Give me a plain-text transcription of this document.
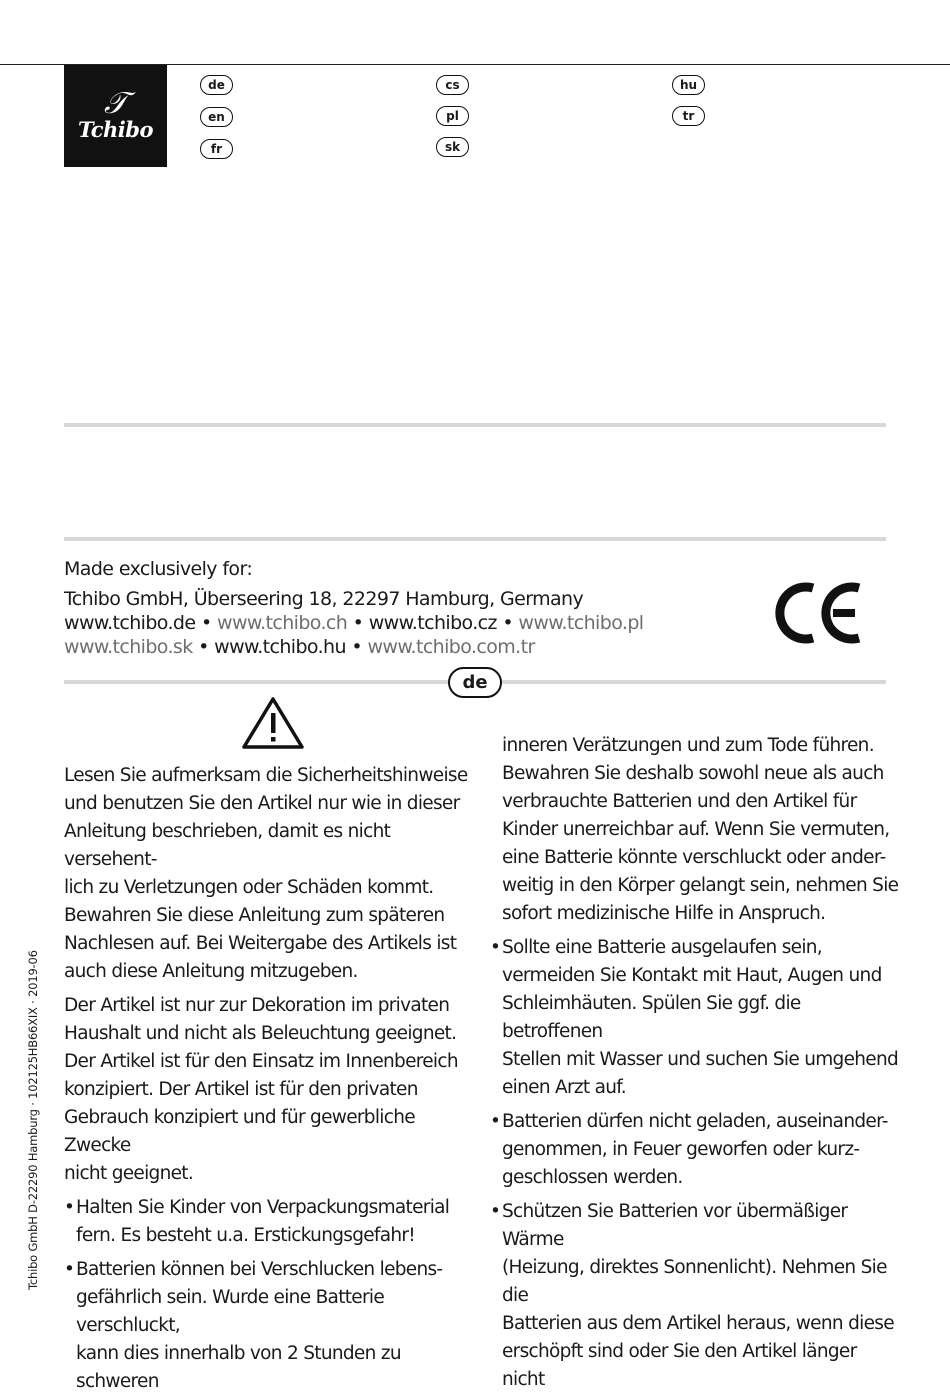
𝒯
Tchibo
de
en
fr
cs
pl
sk
hu
tr
Made exclusively for:
Tchibo GmbH, Überseering 18, 22297 Hamburg, Germany
www.tchibo.de • www.tchibo.ch • www.tchibo.cz • www.tchibo.pl
www.tchibo.sk • www.tchibo.hu • www.tchibo.com.tr
de

Lesen Sie aufmerksam die Sicherheitshinweise
und benutzen Sie den Artikel nur wie in dieser
Anleitung beschrieben, damit es nicht versehent-
lich zu Verletzungen oder Schäden kommt.
Bewahren Sie diese Anleitung zum späteren
Nachlesen auf. Bei Weitergabe des Artikels ist
auch diese Anleitung mitzugeben.

Der Artikel ist nur zur Dekoration im privaten
Haushalt und nicht als Beleuchtung geeignet.
Der Artikel ist für den Einsatz im Innenbereich
konzipiert. Der Artikel ist für den privaten
Gebrauch konzipiert und für gewerbliche Zwecke
nicht geeignet.

• Halten Sie Kinder von Verpackungsmaterial
fern. Es besteht u.a. Erstickungsgefahr!
• Batterien können bei Verschlucken lebens-
gefährlich sein. Wurde eine Batterie verschluckt,
kann dies innerhalb von 2 Stunden zu schweren
inneren Verätzungen und zum Tode führen.
Bewahren Sie deshalb sowohl neue als auch
verbrauchte Batterien und den Artikel für
Kinder unerreichbar auf. Wenn Sie vermuten,
eine Batterie könnte verschluckt oder ander-
weitig in den Körper gelangt sein, nehmen Sie
sofort medizinische Hilfe in Anspruch.
• Sollte eine Batterie ausgelaufen sein,
vermeiden Sie Kontakt mit Haut, Augen und
Schleimhäuten. Spülen Sie ggf. die betroffenen
Stellen mit Wasser und suchen Sie umgehend
einen Arzt auf.
• Batterien dürfen nicht geladen, auseinander-
genommen, in Feuer geworfen oder kurz-
geschlossen werden.
• Schützen Sie Batterien vor übermäßiger Wärme
(Heizung, direktes Sonnenlicht). Nehmen Sie die
Batterien aus dem Artikel heraus, wenn diese
erschöpft sind oder Sie den Artikel länger nicht
Tchibo GmbH D-22290 Hamburg · 102125HB66XIX · 2019-06
